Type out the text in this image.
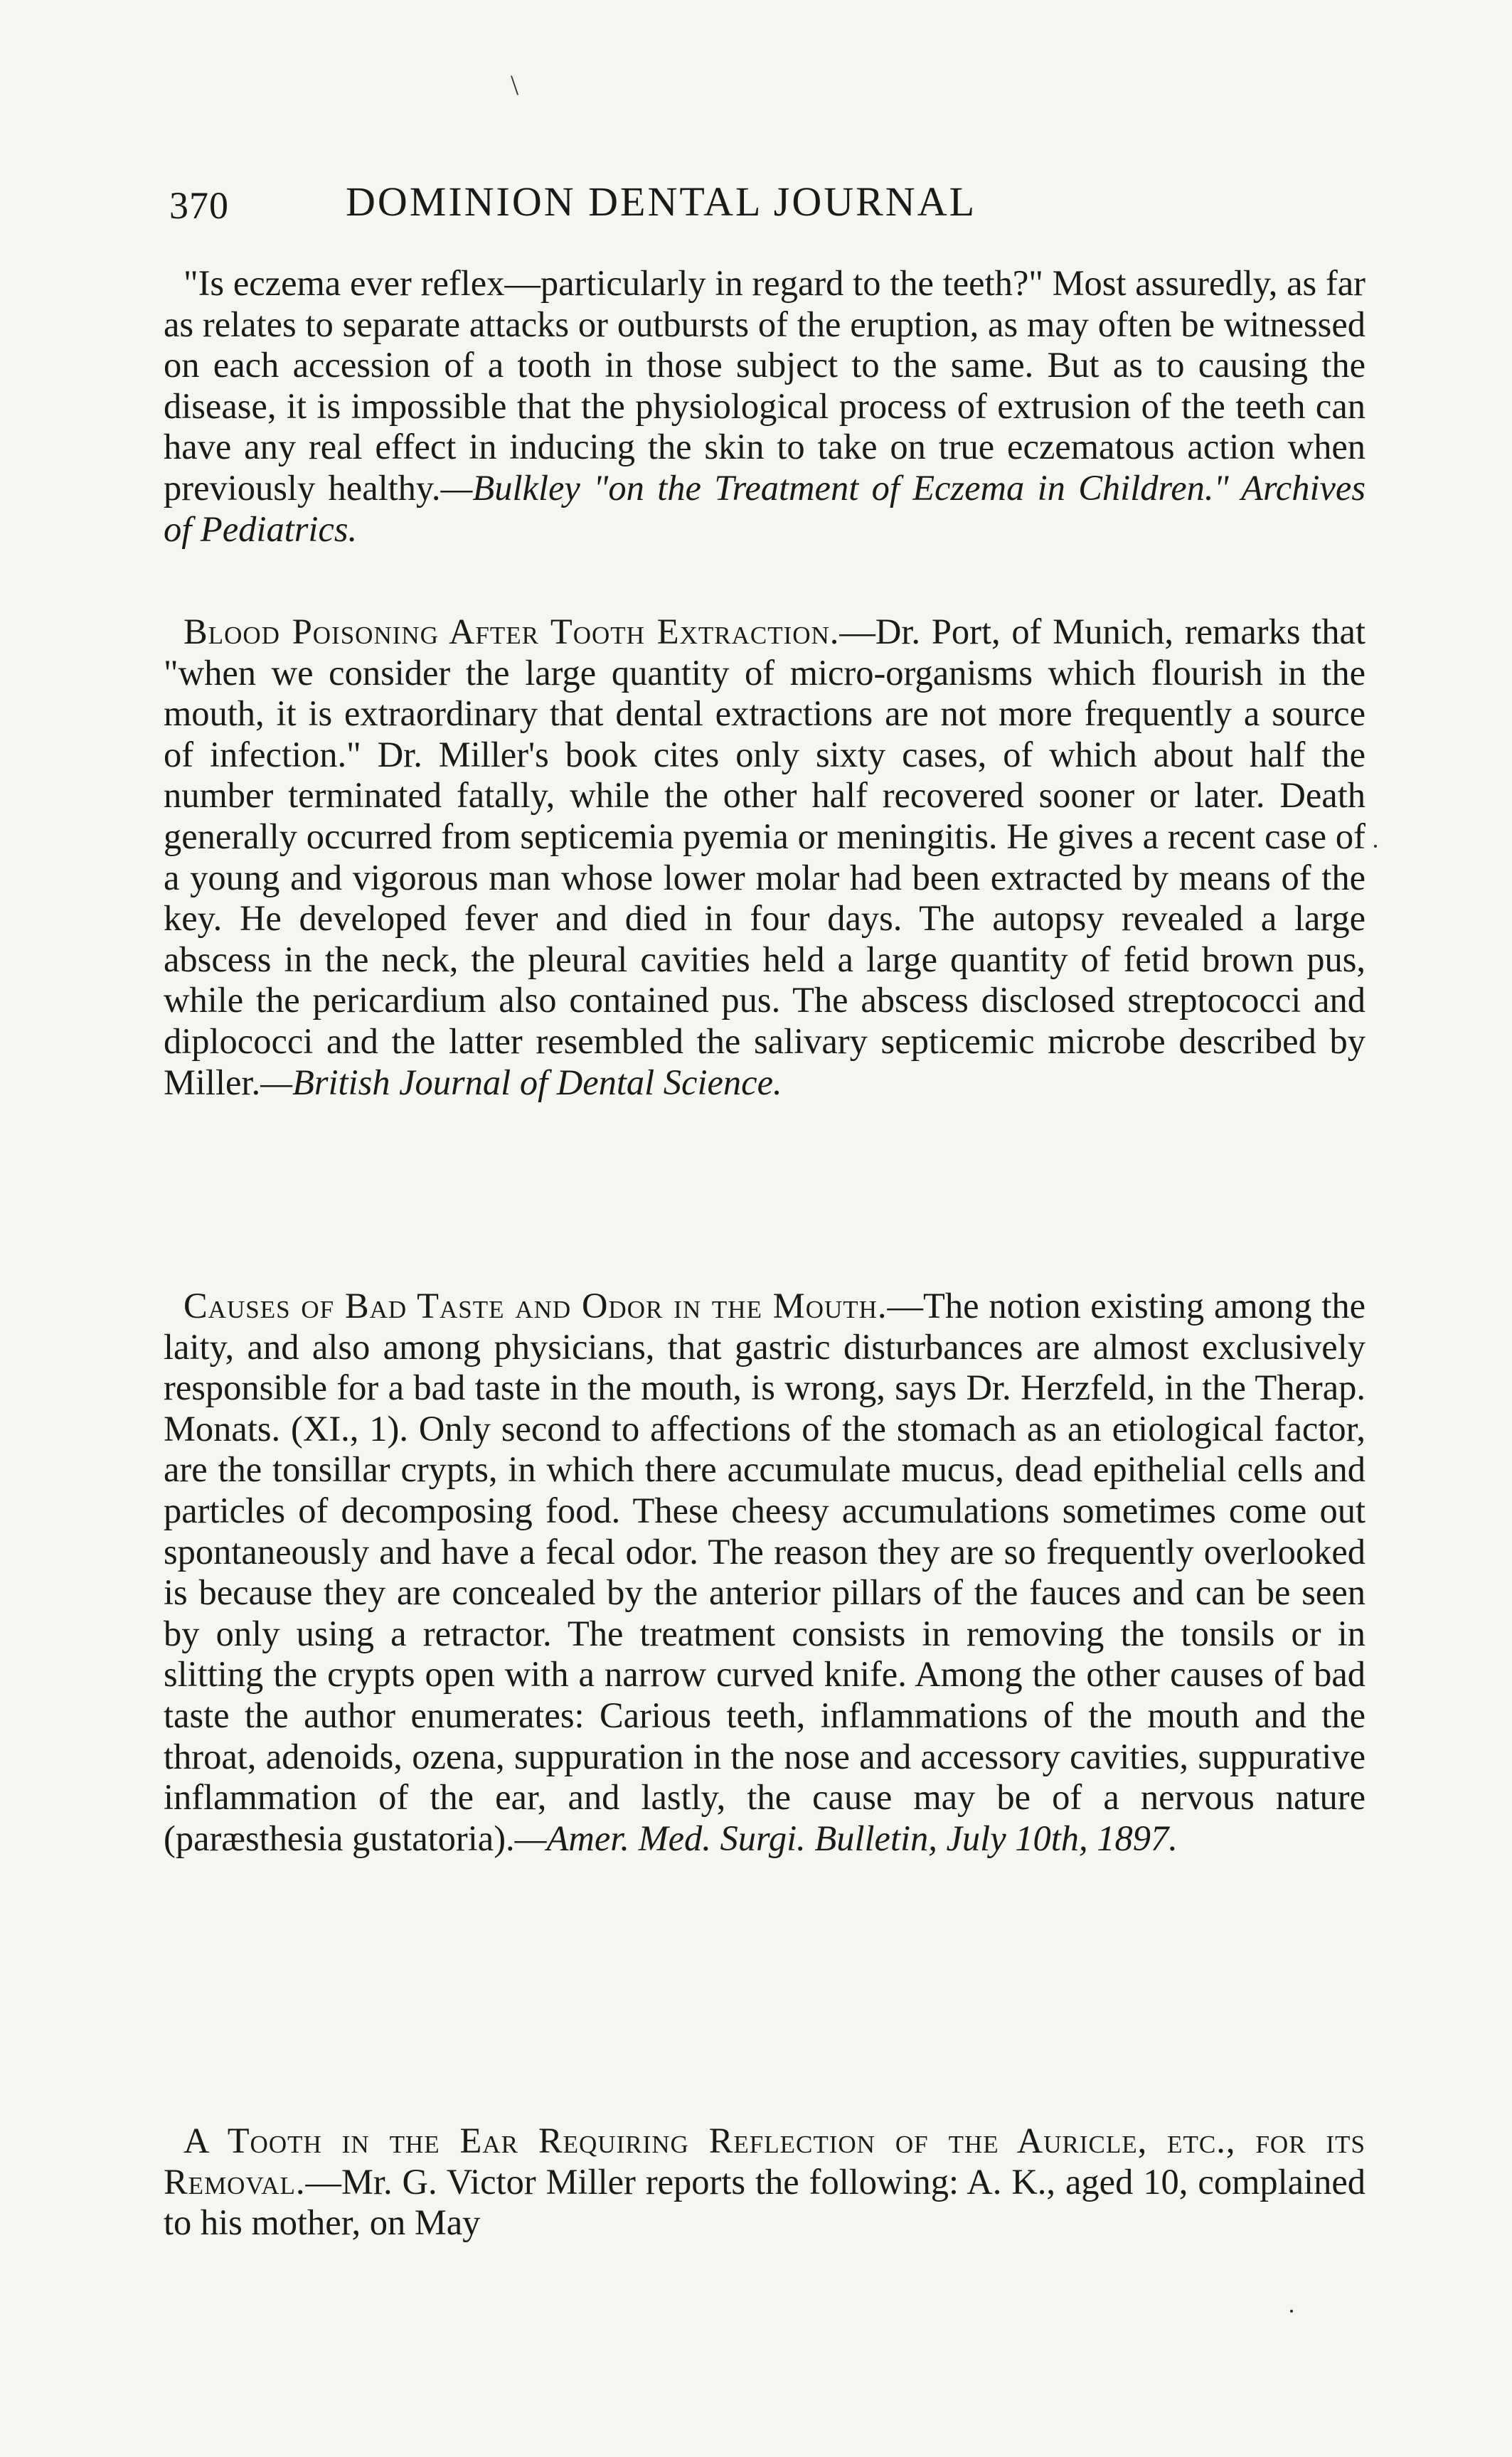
\
370	DOMINION DENTAL JOURNAL

"Is eczema ever reflex—particularly in regard to the teeth?" Most assuredly, as far as relates to separate attacks or outbursts of the eruption, as may often be witnessed on each accession of a tooth in those subject to the same. But as to causing the disease, it is impossible that the physiological process of extrusion of the teeth can have any real effect in inducing the skin to take on true eczematous action when previously healthy.—Bulkley "on the Treatment of Eczema in Children." Archives of Pediatrics.

Blood Poisoning After Tooth Extraction.—Dr. Port, of Munich, remarks that "when we consider the large quantity of micro-organisms which flourish in the mouth, it is extraordinary that dental extractions are not more frequently a source of infection." Dr. Miller's book cites only sixty cases, of which about half the number terminated fatally, while the other half recovered sooner or later. Death generally occurred from septicemia pyemia or meningitis. He gives a recent case of a young and vigorous man whose lower molar had been extracted by means of the key. He developed fever and died in four days. The autopsy revealed a large abscess in the neck, the pleural cavities held a large quantity of fetid brown pus, while the pericardium also contained pus. The abscess disclosed streptococci and diplococci and the latter resembled the salivary septicemic microbe described by Miller.—British Journal of Dental Science.

Causes of Bad Taste and Odor in the Mouth.—The notion existing among the laity, and also among physicians, that gastric disturbances are almost exclusively responsible for a bad taste in the mouth, is wrong, says Dr. Herzfeld, in the Therap. Monats. (XI., 1). Only second to affections of the stomach as an etiological factor, are the tonsillar crypts, in which there accumulate mucus, dead epithelial cells and particles of decomposing food. These cheesy accumulations sometimes come out spontaneously and have a fecal odor. The reason they are so frequently overlooked is because they are concealed by the anterior pillars of the fauces and can be seen by only using a retractor. The treatment consists in removing the tonsils or in slitting the crypts open with a narrow curved knife. Among the other causes of bad taste the author enumerates: Carious teeth, inflammations of the mouth and the throat, adenoids, ozena, suppuration in the nose and accessory cavities, suppurative inflammation of the ear, and lastly, the cause may be of a nervous nature (paræsthesia gustatoria).—Amer. Med. Surgi. Bulletin, July 10th, 1897.

A Tooth in the Ear Requiring Reflection of the Auricle, etc., for its Removal.—Mr. G. Victor Miller reports the following: A. K., aged 10, complained to his mother, on May

·
·
